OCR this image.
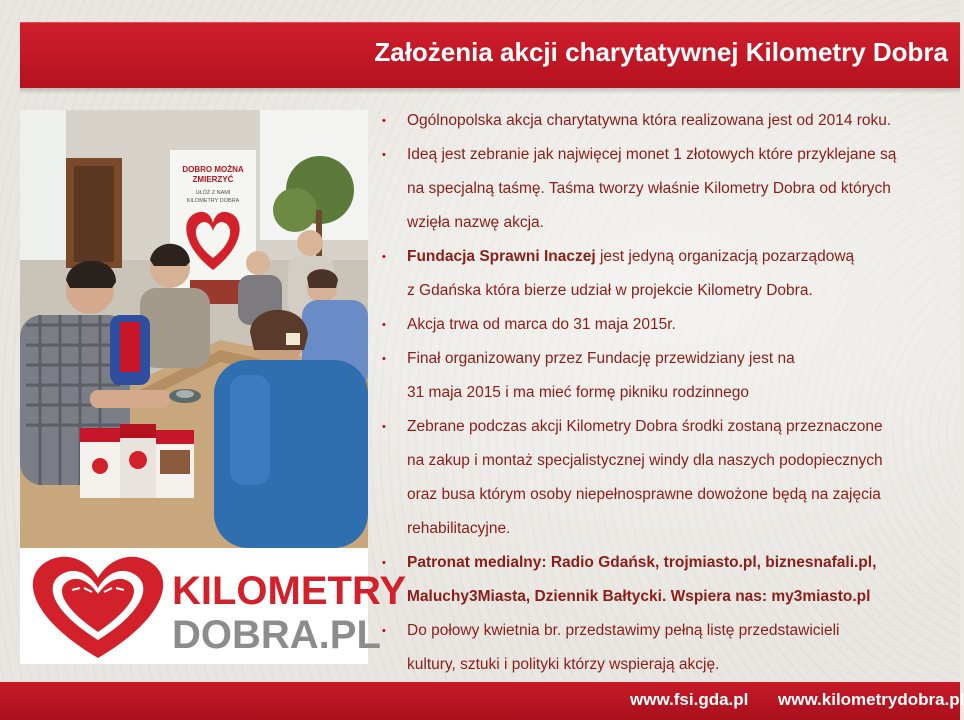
Założenia akcji charytatywnej Kilometry Dobra
DOBRO MOŻNA
ZMIERZYĆ
UŁÓŻ Z NAMI
KILOMETRY DOBRA
KILOMETRY
DOBRA.PL
• Ogólnopolska akcja charytatywna która realizowana jest od 2014 roku.
• Ideą jest zebranie jak najwięcej monet 1 złotowych które przyklejane są
na specjalną taśmę. Taśma tworzy właśnie Kilometry Dobra od których
wzięła nazwę akcja.
• Fundacja Sprawni Inaczej jest jedyną organizacją pozarządową
z Gdańska która bierze udział w projekcie Kilometry Dobra.
• Akcja trwa od marca do 31 maja 2015r.
• Finał organizowany przez Fundację przewidziany jest na
31 maja 2015 i ma mieć formę pikniku rodzinnego
• Zebrane podczas akcji Kilometry Dobra środki zostaną przeznaczone
na zakup i montaż specjalistycznej windy dla naszych podopiecznych
oraz busa którym osoby niepełnosprawne dowożone będą na zajęcia
rehabilitacyjne.
• Patronat medialny: Radio Gdańsk, trojmiasto.pl, biznesnafali.pl,
Maluchy3Miasta, Dziennik Bałtycki. Wspiera nas: my3miasto.pl
• Do połowy kwietnia br. przedstawimy pełną listę przedstawicieli
kultury, sztuki i polityki którzy wspierają akcję.
www.fsi.gda.pl www.kilometrydobra.pl
